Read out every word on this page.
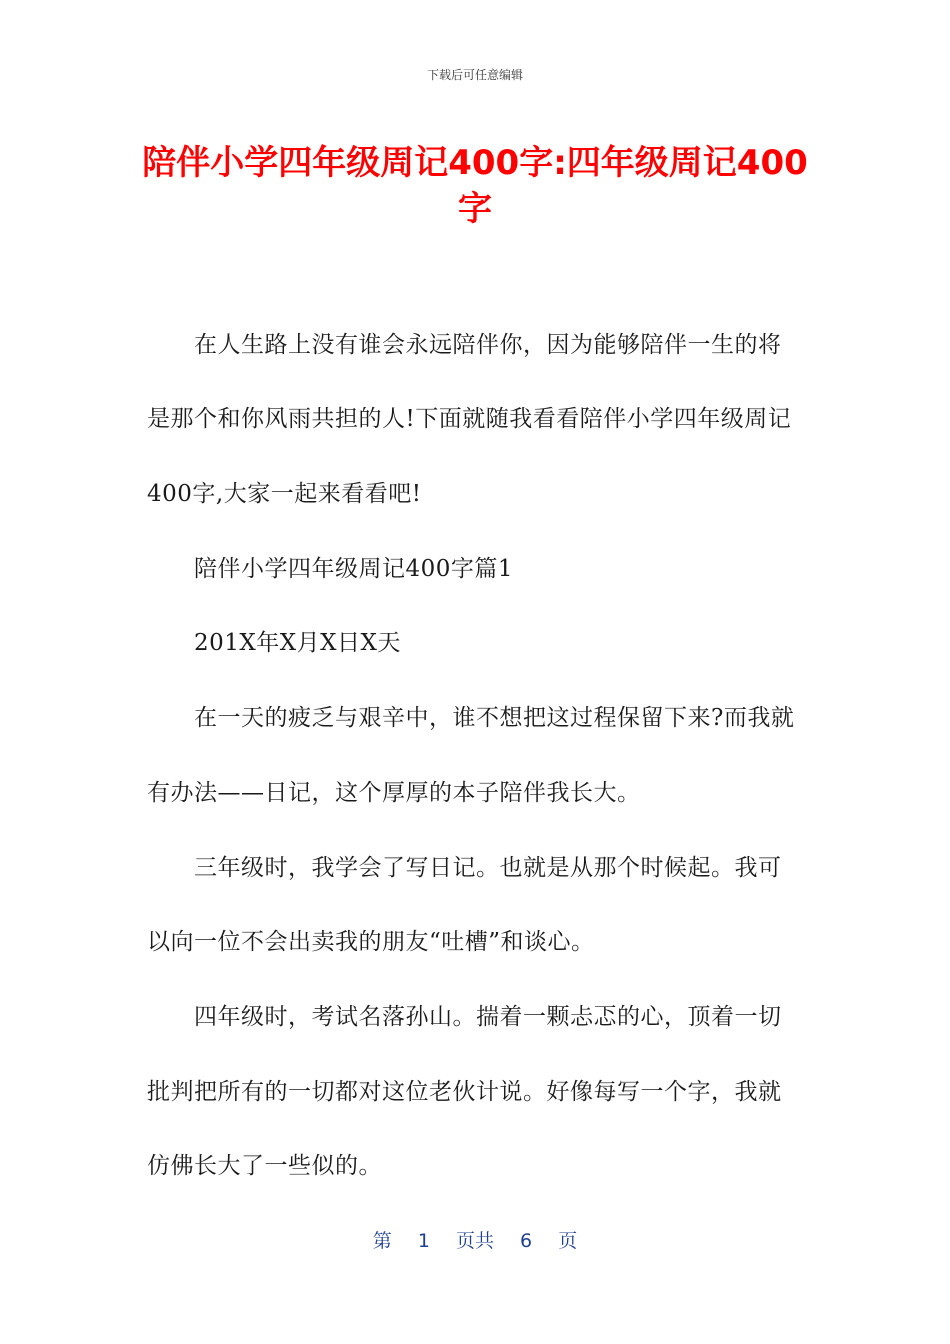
下载后可任意编辑
陪伴小学四年级周记400字:四年级周记400
字
在人生路上没有谁会永远陪伴你，因为能够陪伴一生的将
是那个和你风雨共担的人!下面就随我看看陪伴小学四年级周记
400字,大家一起来看看吧!
陪伴小学四年级周记400字篇1
201X年X月X日X天
在一天的疲乏与艰辛中，谁不想把这过程保留下来?而我就
有办法——日记，这个厚厚的本子陪伴我长大。
三年级时，我学会了写日记。也就是从那个时候起。我可
以向一位不会出卖我的朋友“吐槽”和谈心。
四年级时，考试名落孙山。揣着一颗忐忑的心，顶着一切
批判把所有的一切都对这位老伙计说。好像每写一个字，我就
仿佛长大了一些似的。
第 1 页共 6 页
